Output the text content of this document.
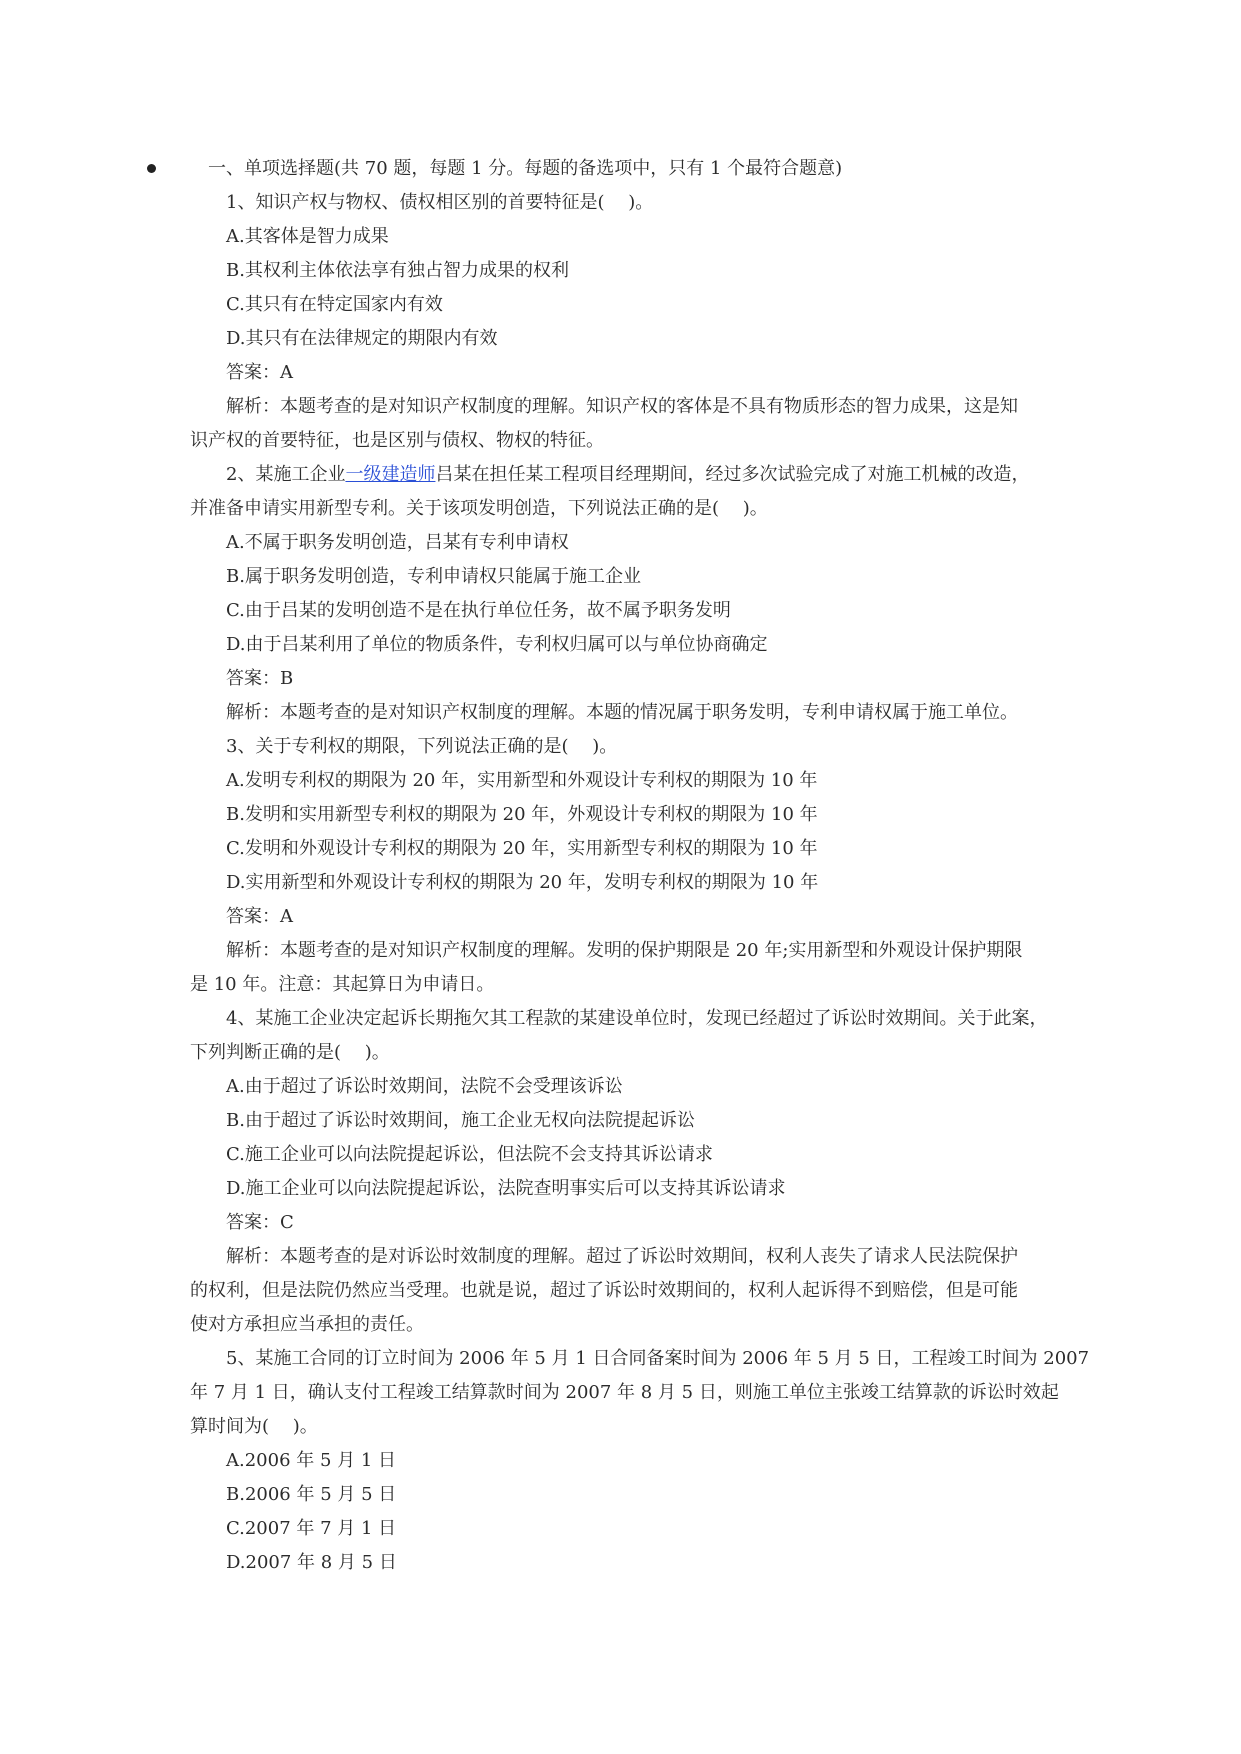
一、单项选择题(共 70 题，每题 1 分。每题的备选项中，只有 1 个最符合题意)
1、知识产权与物权、债权相区别的首要特征是(　 )。
A.其客体是智力成果
B.其权利主体依法享有独占智力成果的权利
C.其只有在特定国家内有效
D.其只有在法律规定的期限内有效
答案：A
解析：本题考查的是对知识产权制度的理解。知识产权的客体是不具有物质形态的智力成果，这是知
识产权的首要特征，也是区别与债权、物权的特征。
2、某施工企业一级建造师吕某在担任某工程项目经理期间，经过多次试验完成了对施工机械的改造，
并准备申请实用新型专利。关于该项发明创造，下列说法正确的是(　 )。
A.不属于职务发明创造，吕某有专利申请权
B.属于职务发明创造，专利申请权只能属于施工企业
C.由于吕某的发明创造不是在执行单位任务，故不属予职务发明
D.由于吕某利用了单位的物质条件，专利权归属可以与单位协商确定
答案：B
解析：本题考查的是对知识产权制度的理解。本题的情况属于职务发明，专利申请权属于施工单位。
3、关于专利权的期限，下列说法正确的是(　 )。
A.发明专利权的期限为 20 年，实用新型和外观设计专利权的期限为 10 年
B.发明和实用新型专利权的期限为 20 年，外观设计专利权的期限为 10 年
C.发明和外观设计专利权的期限为 20 年，实用新型专利权的期限为 10 年
D.实用新型和外观设计专利权的期限为 20 年，发明专利权的期限为 10 年
答案：A
解析：本题考查的是对知识产权制度的理解。发明的保护期限是 20 年;实用新型和外观设计保护期限
是 10 年。注意：其起算日为申请日。
4、某施工企业决定起诉长期拖欠其工程款的某建设单位时，发现已经超过了诉讼时效期间。关于此案，
下列判断正确的是(　 )。
A.由于超过了诉讼时效期间，法院不会受理该诉讼
B.由于超过了诉讼时效期间，施工企业无权向法院提起诉讼
C.施工企业可以向法院提起诉讼，但法院不会支持其诉讼请求
D.施工企业可以向法院提起诉讼，法院查明事实后可以支持其诉讼请求
答案：C
解析：本题考查的是对诉讼时效制度的理解。超过了诉讼时效期间，权利人丧失了请求人民法院保护
的权利，但是法院仍然应当受理。也就是说，超过了诉讼时效期间的，权利人起诉得不到赔偿，但是可能
使对方承担应当承担的责任。
5、某施工合同的订立时间为 2006 年 5 月 1 日合同备案时间为 2006 年 5 月 5 日，工程竣工时间为 2007
年 7 月 1 日，确认支付工程竣工结算款时间为 2007 年 8 月 5 日，则施工单位主张竣工结算款的诉讼时效起
算时间为(　 )。
A.2006 年 5 月 1 日
B.2006 年 5 月 5 日
C.2007 年 7 月 1 日
D.2007 年 8 月 5 日
